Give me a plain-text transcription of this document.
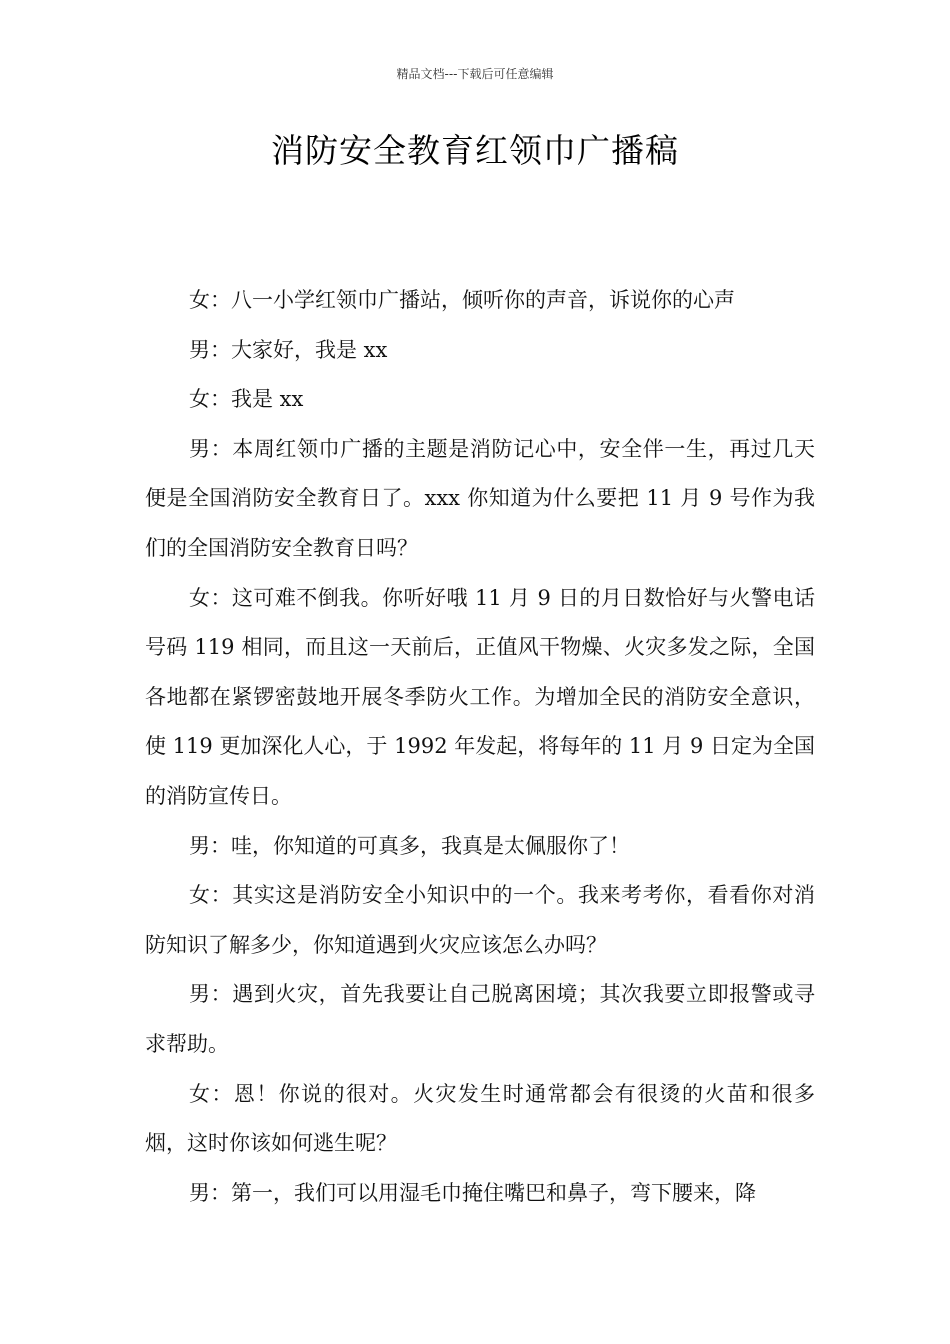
精品文档---下载后可任意编辑
消防安全教育红领巾广播稿

女：八一小学红领巾广播站，倾听你的声音，诉说你的心声

男：大家好，我是 xx

女：我是 xx

男：本周红领巾广播的主题是消防记心中，安全伴一生，再过几天便是全国消防安全教育日了。xxx 你知道为什么要把 11 月 9 号作为我们的全国消防安全教育日吗？

女：这可难不倒我。你听好哦 11 月 9 日的月日数恰好与火警电话号码 119 相同，而且这一天前后，正值风干物燥、火灾多发之际，全国各地都在紧锣密鼓地开展冬季防火工作。为增加全民的消防安全意识，使 119 更加深化人心，于 1992 年发起，将每年的 11 月 9 日定为全国的消防宣传日。

男：哇，你知道的可真多，我真是太佩服你了！

女：其实这是消防安全小知识中的一个。我来考考你，看看你对消防知识了解多少，你知道遇到火灾应该怎么办吗？

男：遇到火灾，首先我要让自己脱离困境；其次我要立即报警或寻求帮助。

女：恩！你说的很对。火灾发生时通常都会有很烫的火苗和很多烟，这时你该如何逃生呢？

男：第一，我们可以用湿毛巾掩住嘴巴和鼻子，弯下腰来，降
